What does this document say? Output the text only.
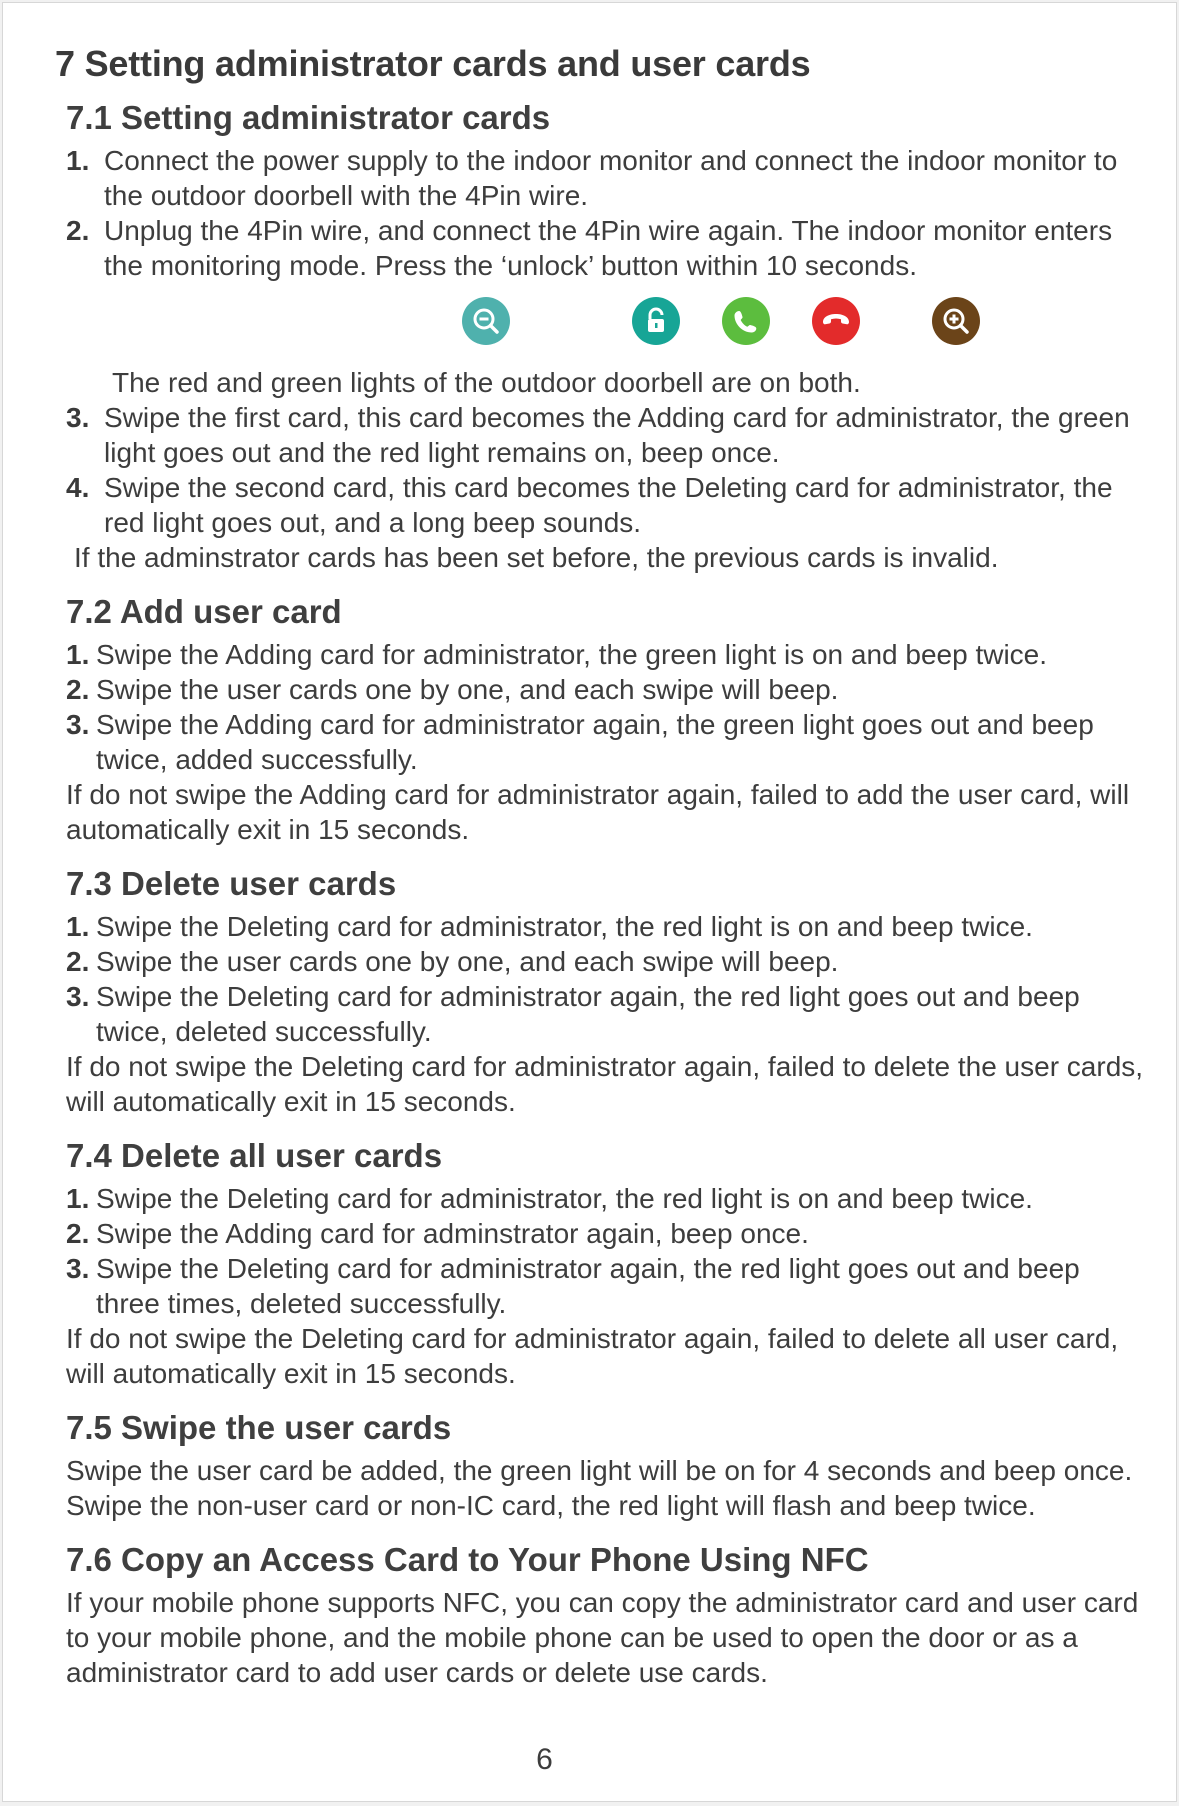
7 Setting administrator cards and user cards
7.1 Setting administrator cards
1. Connect the power supply to the indoor monitor and connect the indoor monitor to the outdoor doorbell with the 4Pin wire.
2. Unplug the 4Pin wire, and connect the 4Pin wire again. The indoor monitor enters the monitoring mode. Press the ‘unlock’ button within 10 seconds.

The red and green lights of the outdoor doorbell are on both.

3. Swipe the first card, this card becomes the Adding card for administrator, the green light goes out and the red light remains on, beep once.
4. Swipe the second card, this card becomes the Deleting card for administrator, the red light goes out, and a long beep sounds.

If the adminstrator cards has been set before, the previous cards is invalid.

7.2 Add user card
1. Swipe the Adding card for administrator, the green light is on and beep twice.
2. Swipe the user cards one by one, and each swipe will beep.
3. Swipe the Adding card for administrator again, the green light goes out and beep twice, added successfully.

If do not swipe the Adding card for administrator again, failed to add the user card, will automatically exit in 15 seconds.

7.3 Delete user cards
1. Swipe the Deleting card for administrator, the red light is on and beep twice.
2. Swipe the user cards one by one, and each swipe will beep.
3. Swipe the Deleting card for administrator again, the red light goes out and beep twice, deleted successfully.

If do not swipe the Deleting card for administrator again, failed to delete the user cards, will automatically exit in 15 seconds.

7.4 Delete all user cards
1. Swipe the Deleting card for administrator, the red light is on and beep twice.
2. Swipe the Adding card for adminstrator again, beep once.
3. Swipe the Deleting card for administrator again, the red light goes out and beep three times, deleted successfully.

If do not swipe the Deleting card for administrator again, failed to delete all user card, will automatically exit in 15 seconds.

7.5 Swipe the user cards

Swipe the user card be added, the green light will be on for 4 seconds and beep once.

Swipe the non-user card or non-IC card, the red light will flash and beep twice.

7.6 Copy an Access Card to Your Phone Using NFC

If your mobile phone supports NFC, you can copy the administrator card and user card to your mobile phone, and the mobile phone can be used to open the door or as a administrator card to add user cards or delete use cards.

6
